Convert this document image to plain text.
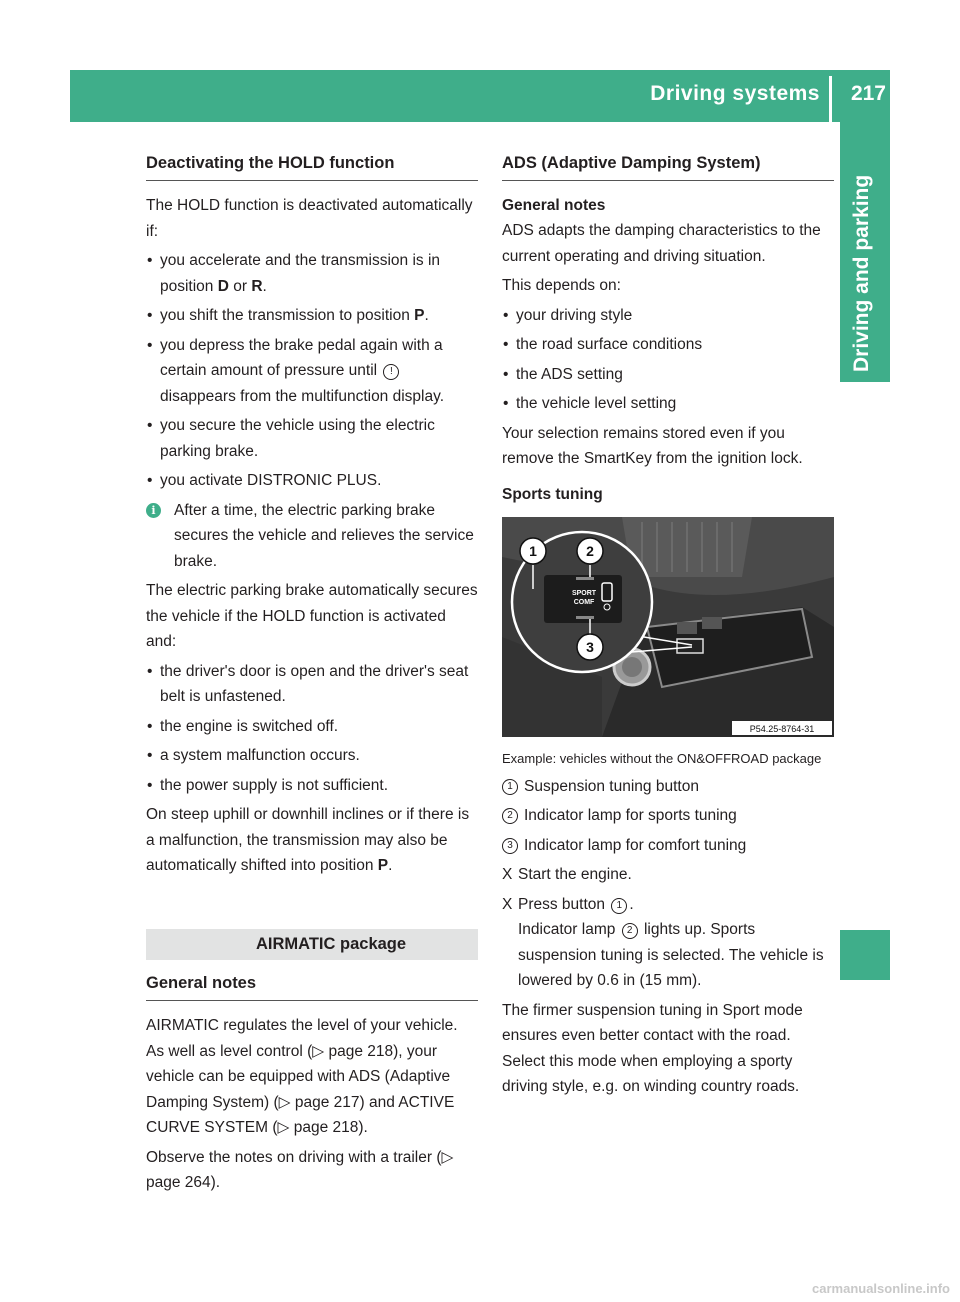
Driving systems 217
Driving and parking
Deactivating the HOLD function

The HOLD function is deactivated automatically if:

• you accelerate and the transmission is in position D or R.
• you shift the transmission to position P.
• you depress the brake pedal again with a certain amount of pressure until ! disappears from the multifunction display.
• you secure the vehicle using the electric parking brake.
• you activate DISTRONIC PLUS.
i	After a time, the electric parking brake secures the vehicle and relieves the service brake.

The electric parking brake automatically secures the vehicle if the HOLD function is activated and:

• the driver's door is open and the driver's seat belt is unfastened.
• the engine is switched off.
• a system malfunction occurs.
• the power supply is not sufficient.

On steep uphill or downhill inclines or if there is a malfunction, the transmission may also be automatically shifted into position P.

AIRMATIC package
General notes

AIRMATIC regulates the level of your vehicle. As well as level control (▷ page 218), your vehicle can be equipped with ADS (Adaptive Damping System) (▷ page 217) and ACTIVE CURVE SYSTEM (▷ page 218).

Observe the notes on driving with a trailer (▷ page 264).

ADS (Adaptive Damping System)
General notes

ADS adapts the damping characteristics to the current operating and driving situation.

This depends on:

• your driving style
• the road surface conditions
• the ADS setting
• the vehicle level setting

Your selection remains stored even if you remove the SmartKey from the ignition lock.

Sports tuning
1	2
3
SPORT
COMF
P54.25-8764-31

Example: vehicles without the ON&OFFROAD package

1 Suspension tuning button
2 Indicator lamp for sports tuning
3 Indicator lamp for comfort tuning
X Start the engine.
X Press button 1 .
Indicator lamp 2 lights up. Sports suspension tuning is selected. The vehicle is lowered by 0.6 in (15 mm).

The firmer suspension tuning in Sport mode ensures even better contact with the road. Select this mode when employing a sporty driving style, e.g. on winding country roads.

carmanualsonline.info
